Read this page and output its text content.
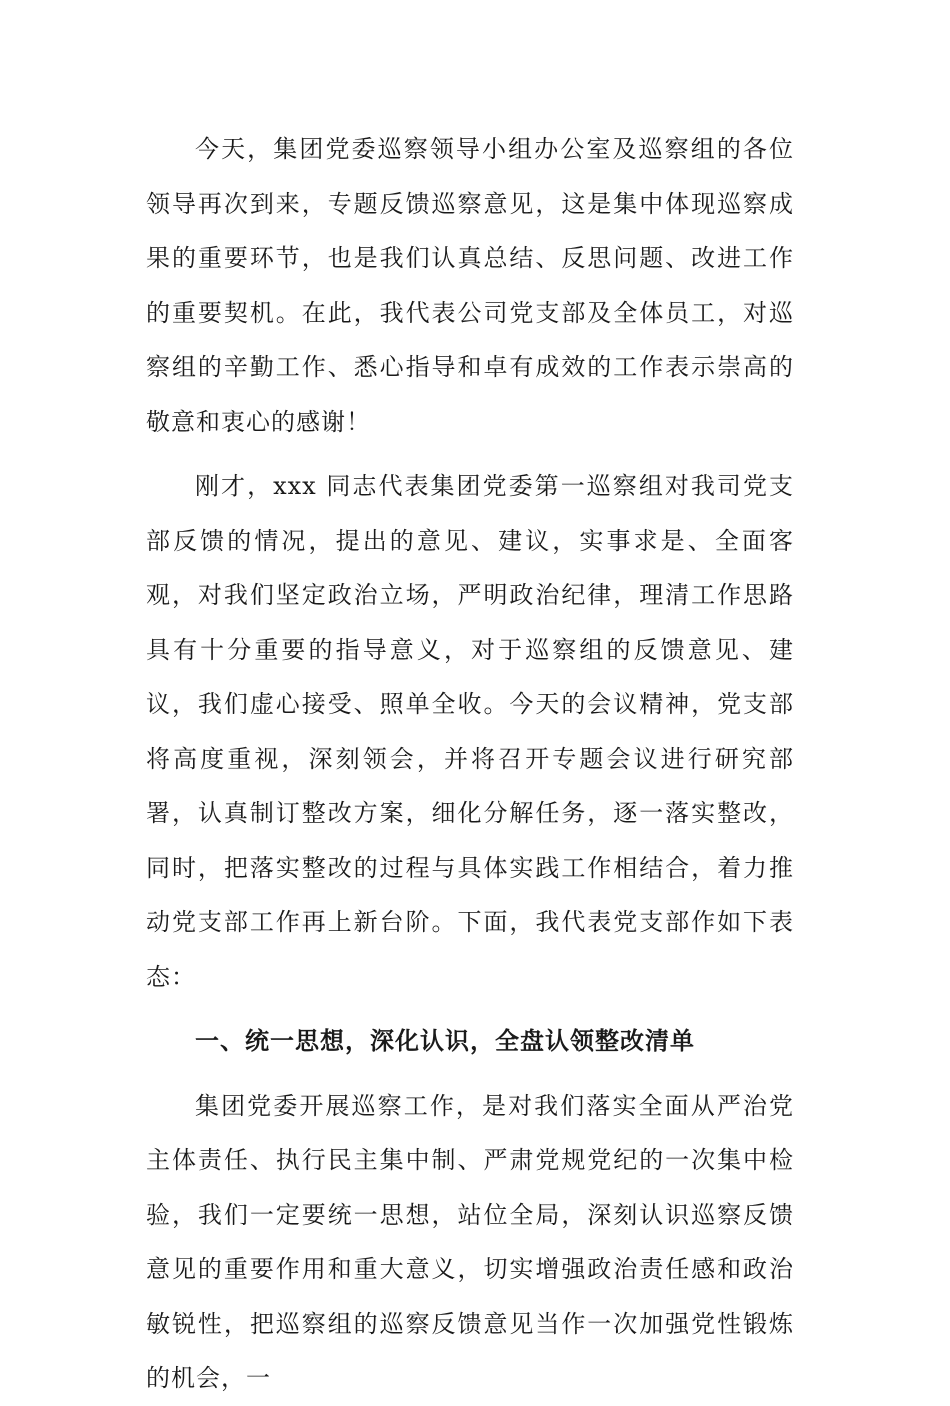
今天，集团党委巡察领导小组办公室及巡察组的各位领导再次到来，专题反馈巡察意见，这是集中体现巡察成果的重要环节，也是我们认真总结、反思问题、改进工作的重要契机。在此，我代表公司党支部及全体员工，对巡察组的辛勤工作、悉心指导和卓有成效的工作表示崇高的敬意和衷心的感谢！

刚才，xxx 同志代表集团党委第一巡察组对我司党支部反馈的情况，提出的意见、建议，实事求是、全面客观，对我们坚定政治立场，严明政治纪律，理清工作思路具有十分重要的指导意义，对于巡察组的反馈意见、建议，我们虚心接受、照单全收。今天的会议精神，党支部将高度重视，深刻领会，并将召开专题会议进行研究部署，认真制订整改方案，细化分解任务，逐一落实整改，同时，把落实整改的过程与具体实践工作相结合，着力推动党支部工作再上新台阶。下面，我代表党支部作如下表态：

一、统一思想，深化认识，全盘认领整改清单

集团党委开展巡察工作，是对我们落实全面从严治党主体责任、执行民主集中制、严肃党规党纪的一次集中检验，我们一定要统一思想，站位全局，深刻认识巡察反馈意见的重要作用和重大意义，切实增强政治责任感和政治敏锐性，把巡察组的巡察反馈意见当作一次加强党性锻炼的机会，一
